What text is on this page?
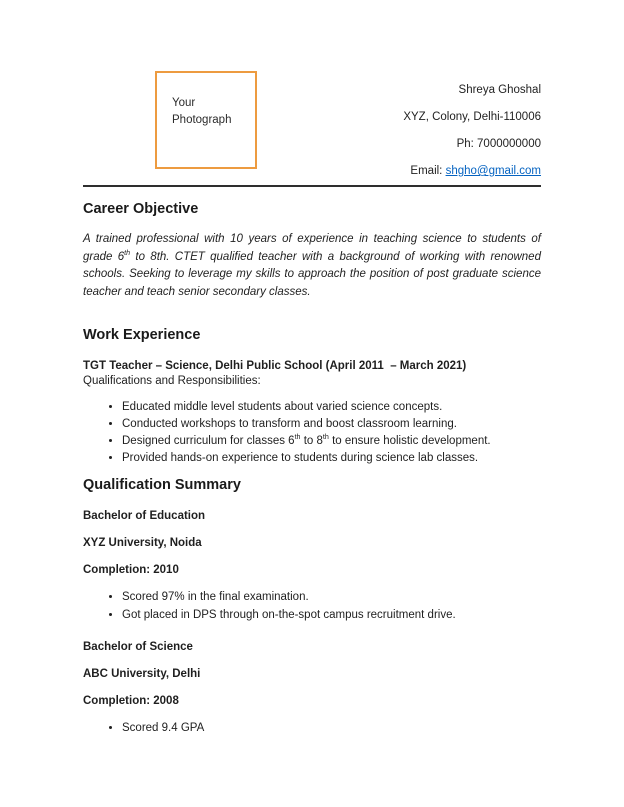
Your
Photograph
Shreya Ghoshal
XYZ, Colony, Delhi-110006
Ph: 7000000000
Email: shgho@gmail.com
Career Objective

A trained professional with 10 years of experience in teaching science to students of grade 6th to 8th. CTET qualified teacher with a background of working with renowned schools. Seeking to leverage my skills to approach the position of post graduate science teacher and teach senior secondary classes.

Work Experience

TGT Teacher – Science, Delhi Public School (April 2011  – March 2021)

Qualifications and Responsibilities:

• Educated middle level students about varied science concepts.
• Conducted workshops to transform and boost classroom learning.
• Designed curriculum for classes 6th to 8th to ensure holistic development.
• Provided hands-on experience to students during science lab classes.
Qualification Summary

Bachelor of Education

XYZ University, Noida

Completion: 2010

• Scored 97% in the final examination.
• Got placed in DPS through on-the-spot campus recruitment drive.

Bachelor of Science

ABC University, Delhi

Completion: 2008

• Scored 9.4 GPA
